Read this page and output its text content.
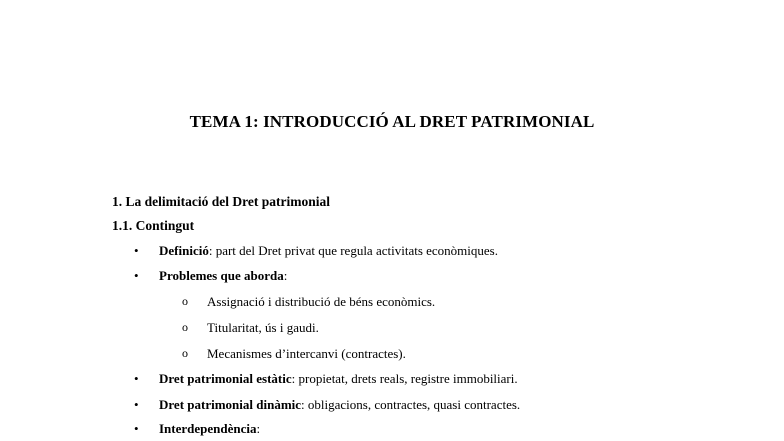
TEMA 1: INTRODUCCIÓ AL DRET PATRIMONIAL
1. La delimitació del Dret patrimonial
1.1. Contingut
• Definició: part del Dret privat que regula activitats econòmiques.
• Problemes que aborda:
o Assignació i distribució de béns econòmics.
o Titularitat, ús i gaudi.
o Mecanismes d’intercanvi (contractes).
• Dret patrimonial estàtic: propietat, drets reals, registre immobiliari.
• Dret patrimonial dinàmic: obligacions, contractes, quasi contractes.
• Interdependència:
